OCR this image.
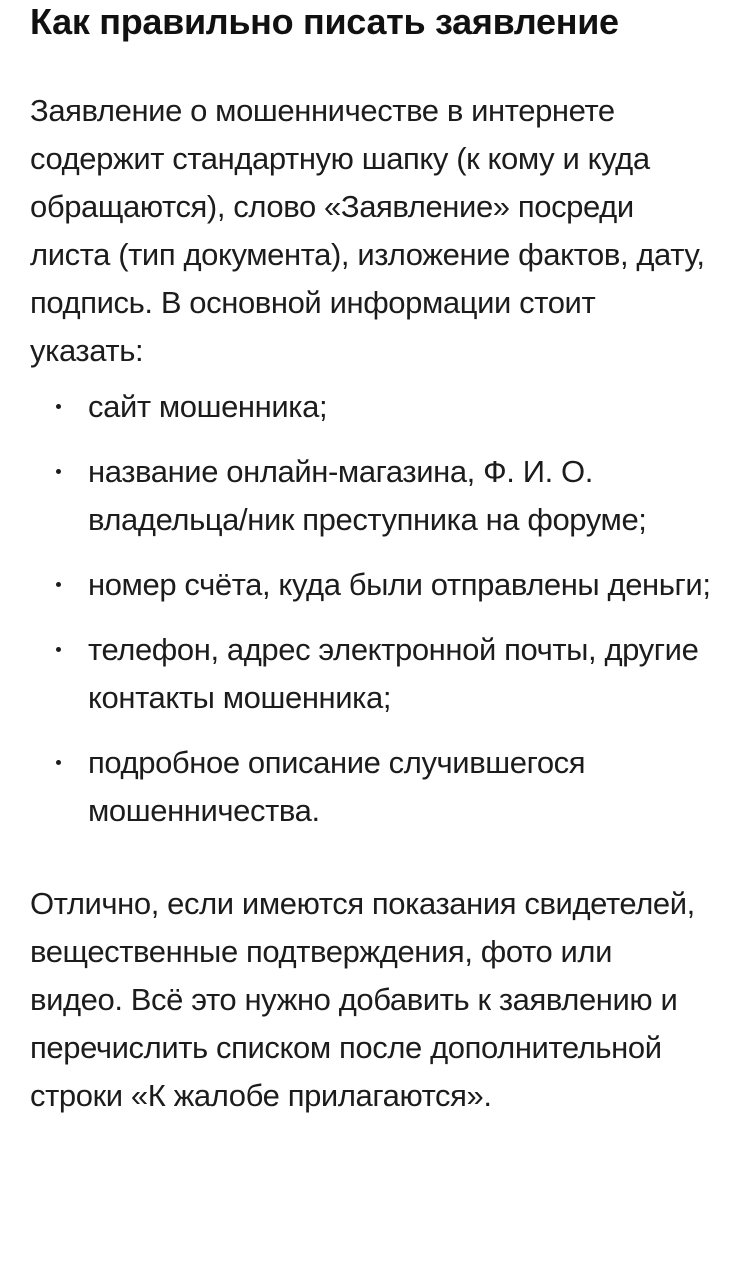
Как правильно писать заявление

Заявление о мошенничестве в интернете содержит стандартную шапку (к кому и куда обращаются), слово «Заявление» посреди листа (тип документа), изложение фактов, дату, подпись. В основной информации стоит указать:

сайт мошенника;
название онлайн-магазина, Ф. И. О. владельца/ник преступника на форуме;
номер счёта, куда были отправлены деньги;
телефон, адрес электронной почты, другие контакты мошенника;
подробное описание случившегося мошенничества.

Отлично, если имеются показания свидетелей, вещественные подтверждения, фото или видео. Всё это нужно добавить к заявлению и перечислить списком после дополнительной строки «К жалобе прилагаются».
